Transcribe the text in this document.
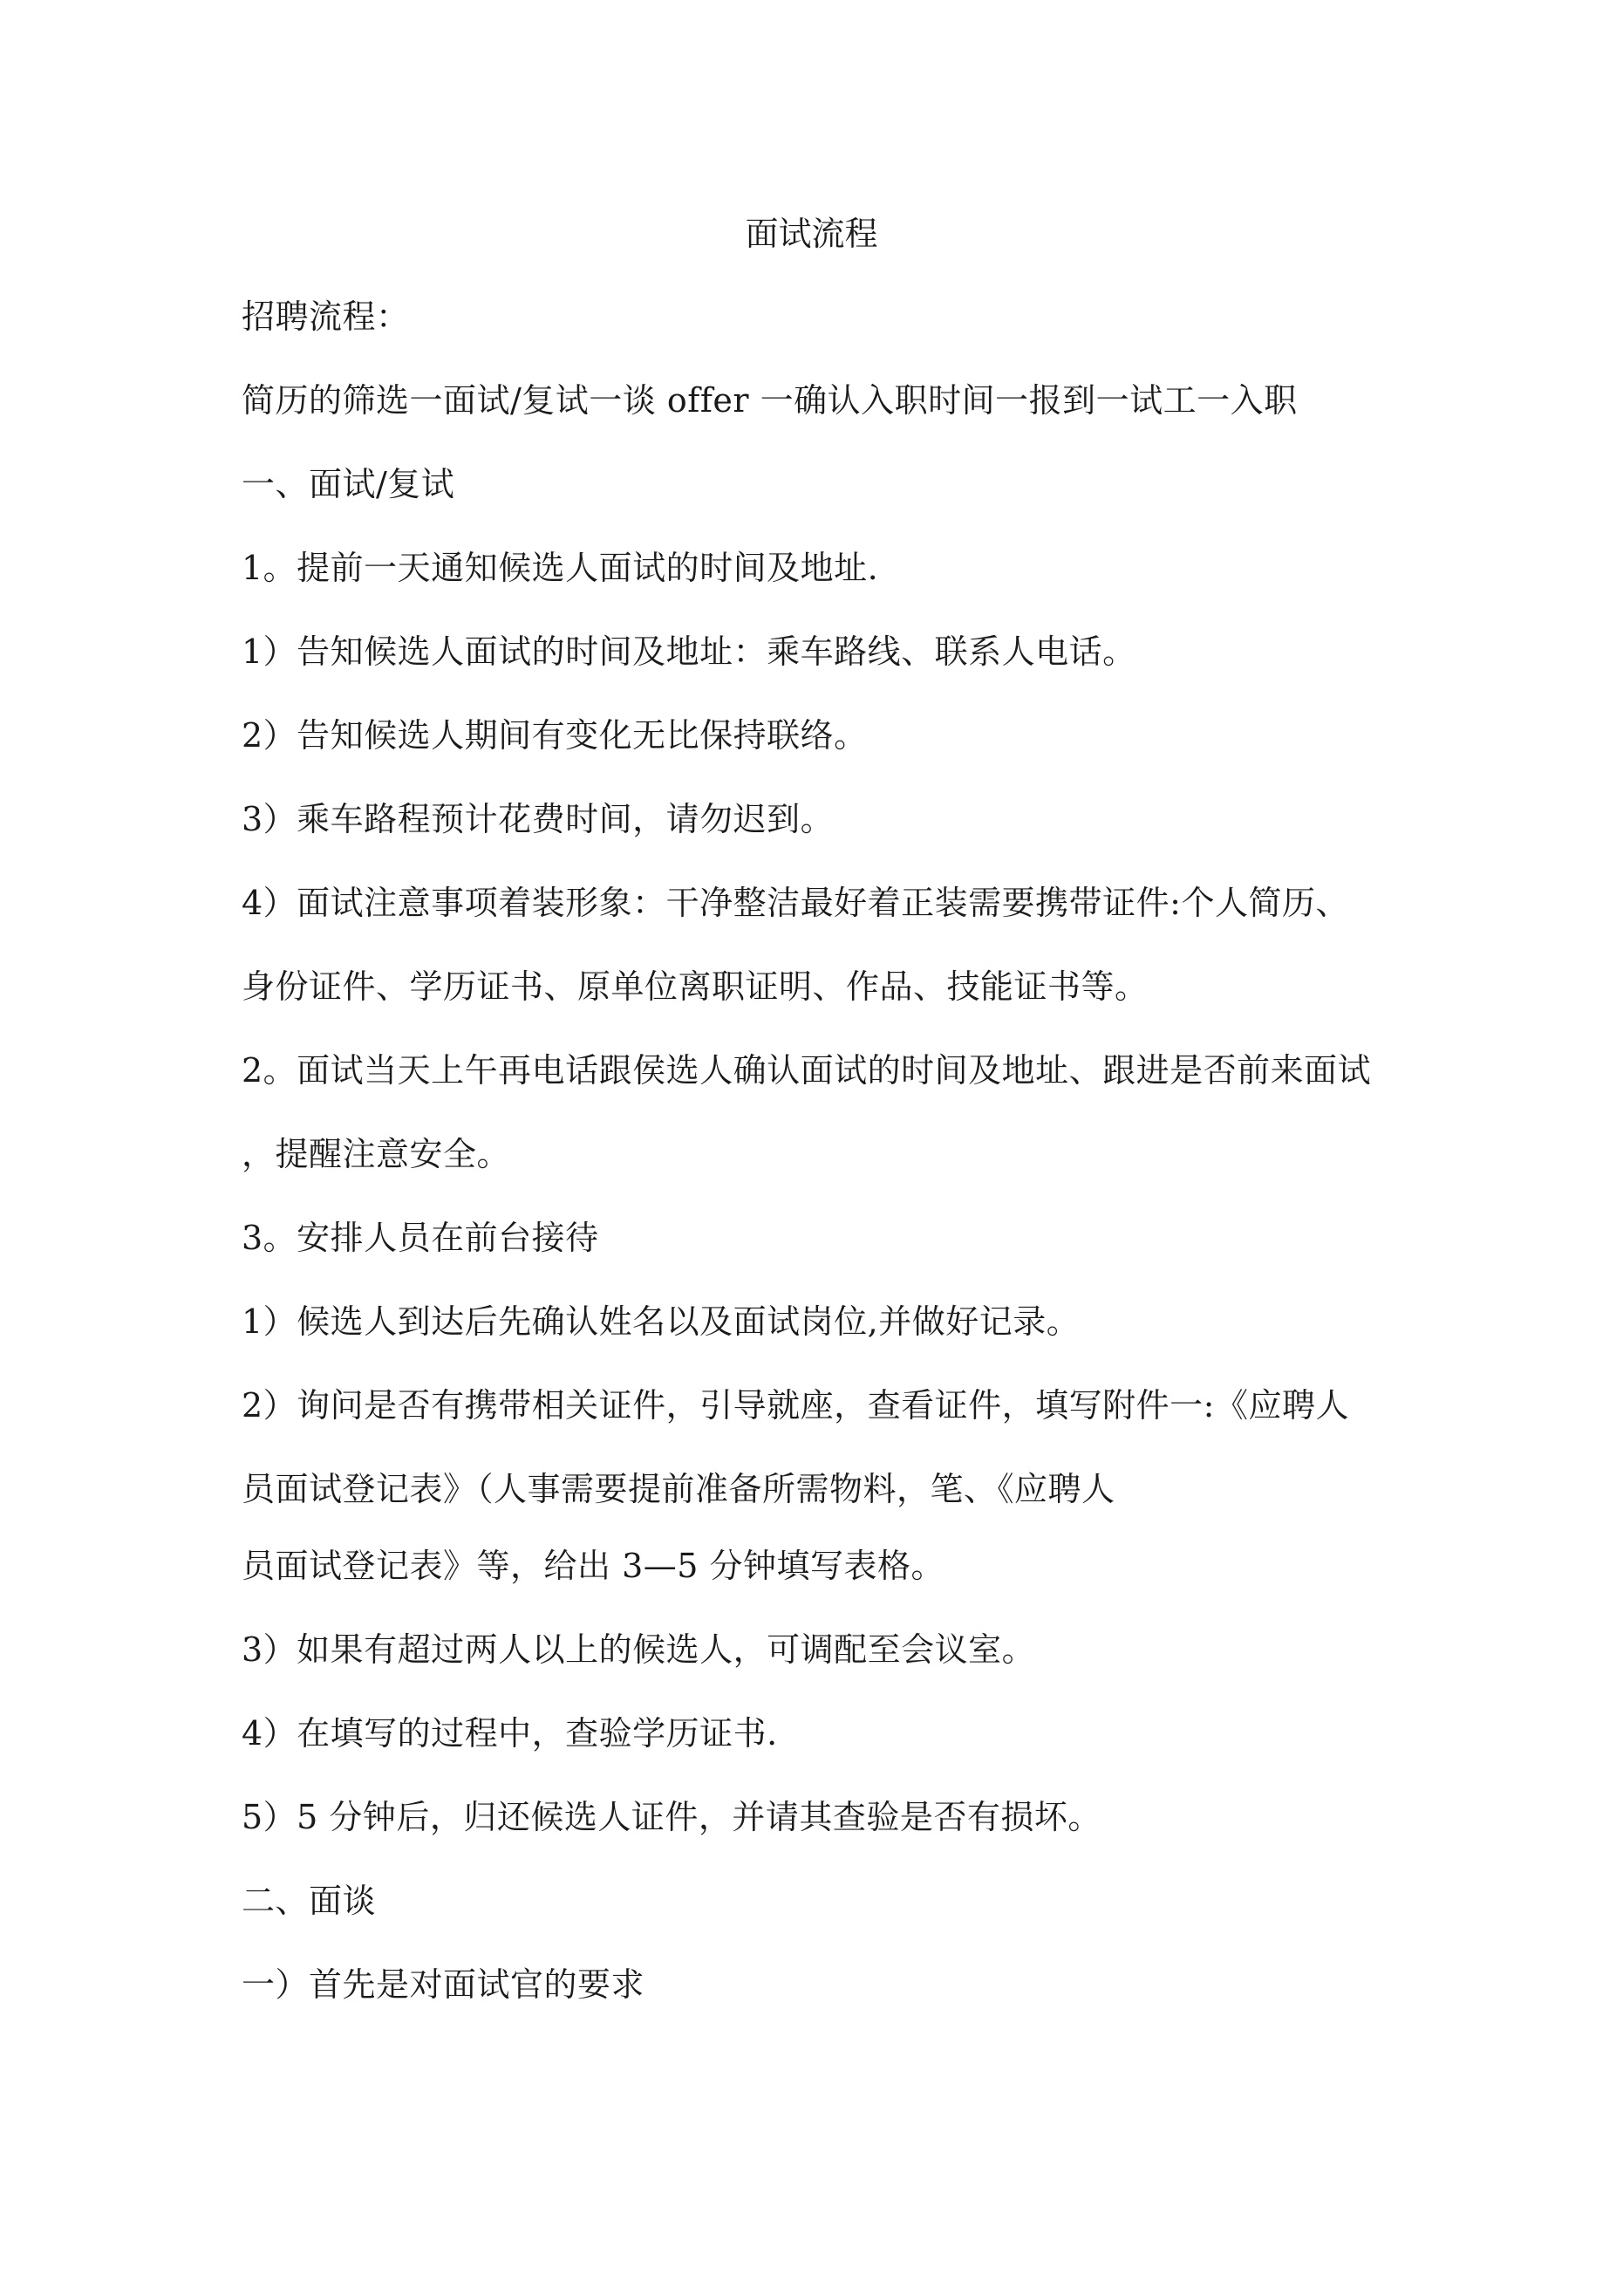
面试流程
招聘流程：
简历的筛选一面试/复试一谈 offer 一确认入职时间一报到一试工一入职
一、面试/复试
1。提前一天通知候选人面试的时间及地址.
1）告知候选人面试的时间及地址：乘车路线、联系人电话。
2）告知候选人期间有变化无比保持联络。
3）乘车路程预计花费时间，请勿迟到。
4）面试注意事项着装形象：干净整洁最好着正装需要携带证件:个人简历、
身份证件、学历证书、原单位离职证明、作品、技能证书等。
2。面试当天上午再电话跟侯选人确认面试的时间及地址、跟进是否前来面试
，提醒注意安全。
3。安排人员在前台接待
1）候选人到达后先确认姓名以及面试岗位,并做好记录。
2）询问是否有携带相关证件，引导就座，查看证件，填写附件一:《应聘人
员面试登记表》（人事需要提前准备所需物料，笔、《应聘人
员面试登记表》等，给出 3—5 分钟填写表格。
3）如果有超过两人以上的候选人，可调配至会议室。
4）在填写的过程中，查验学历证书.
5）5 分钟后，归还候选人证件，并请其查验是否有损坏。
二、面谈
一）首先是对面试官的要求
